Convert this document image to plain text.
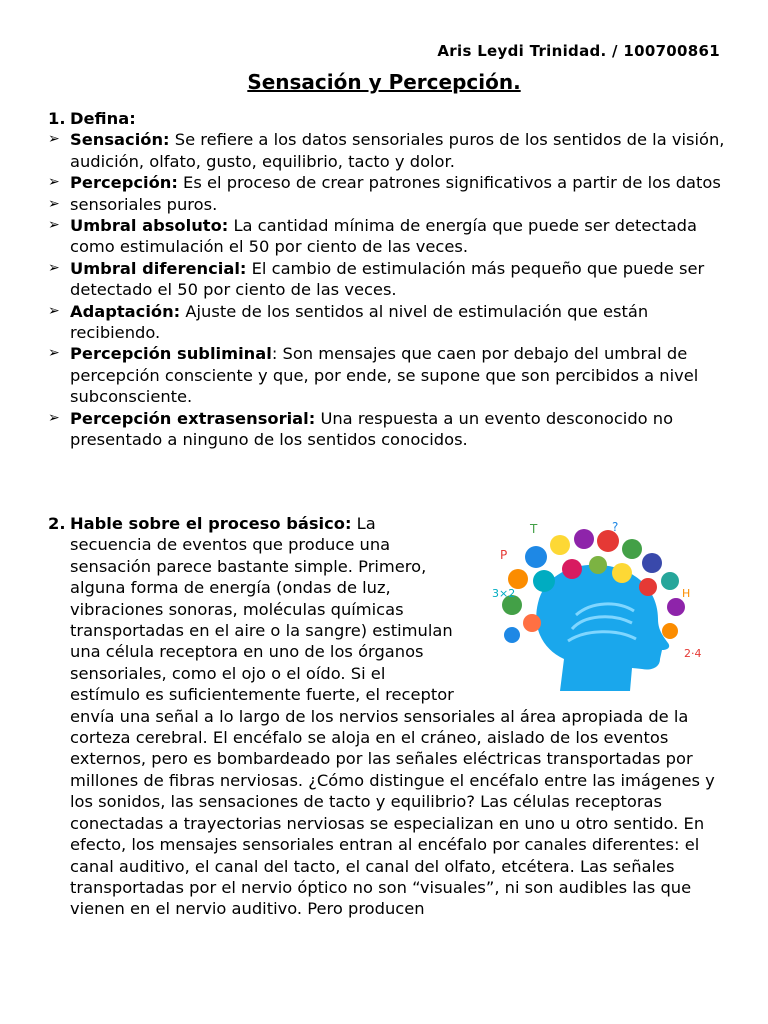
Aris Leydi Trinidad. / 100700861
Sensación y Percepción.
1. Defina:
➢ Sensación: Se refiere a los datos sensoriales puros de los sentidos de la visión, audición, olfato, gusto, equilibrio, tacto y dolor.
➢ Percepción: Es el proceso de crear patrones significativos a partir de los datos
➢ sensoriales puros.
➢ Umbral absoluto: La cantidad mínima de energía que puede ser detectada como estimulación el 50 por ciento de las veces.
➢ Umbral diferencial: El cambio de estimulación más pequeño que puede ser detectado el 50 por ciento de las veces.
➢ Adaptación: Ajuste de los sentidos al nivel de estimulación que están recibiendo.
➢ Percepción subliminal: Son mensajes que caen por debajo del umbral de percepción consciente y que, por ende, se supone que son percibidos a nivel subconsciente.
➢ Percepción extrasensorial: Una respuesta a un evento desconocido no presentado a ninguno de los sentidos conocidos.
2.
P
T	?
3×2	H
2·4
Hable sobre el proceso básico: La secuencia de eventos que produce una sensación parece bastante simple. Primero, alguna forma de energía (ondas de luz, vibraciones sonoras, moléculas químicas transportadas en el aire o la sangre) estimulan una célula receptora en uno de los órganos sensoriales, como el ojo o el oído. Si el estímulo es suficientemente fuerte, el receptor envía una señal a lo largo de los nervios sensoriales al área apropiada de la corteza cerebral. El encéfalo se aloja en el cráneo, aislado de los eventos externos, pero es bombardeado por las señales eléctricas transportadas por millones de fibras nerviosas. ¿Cómo distingue el encéfalo entre las imágenes y los sonidos, las sensaciones de tacto y equilibrio? Las células receptoras conectadas a trayectorias nerviosas se especializan en uno u otro sentido. En efecto, los mensajes sensoriales entran al encéfalo por canales diferentes: el canal auditivo, el canal del tacto, el canal del olfato, etcétera. Las señales transportadas por el nervio óptico no son “visuales”, ni son audibles las que vienen en el nervio auditivo. Pero producen
